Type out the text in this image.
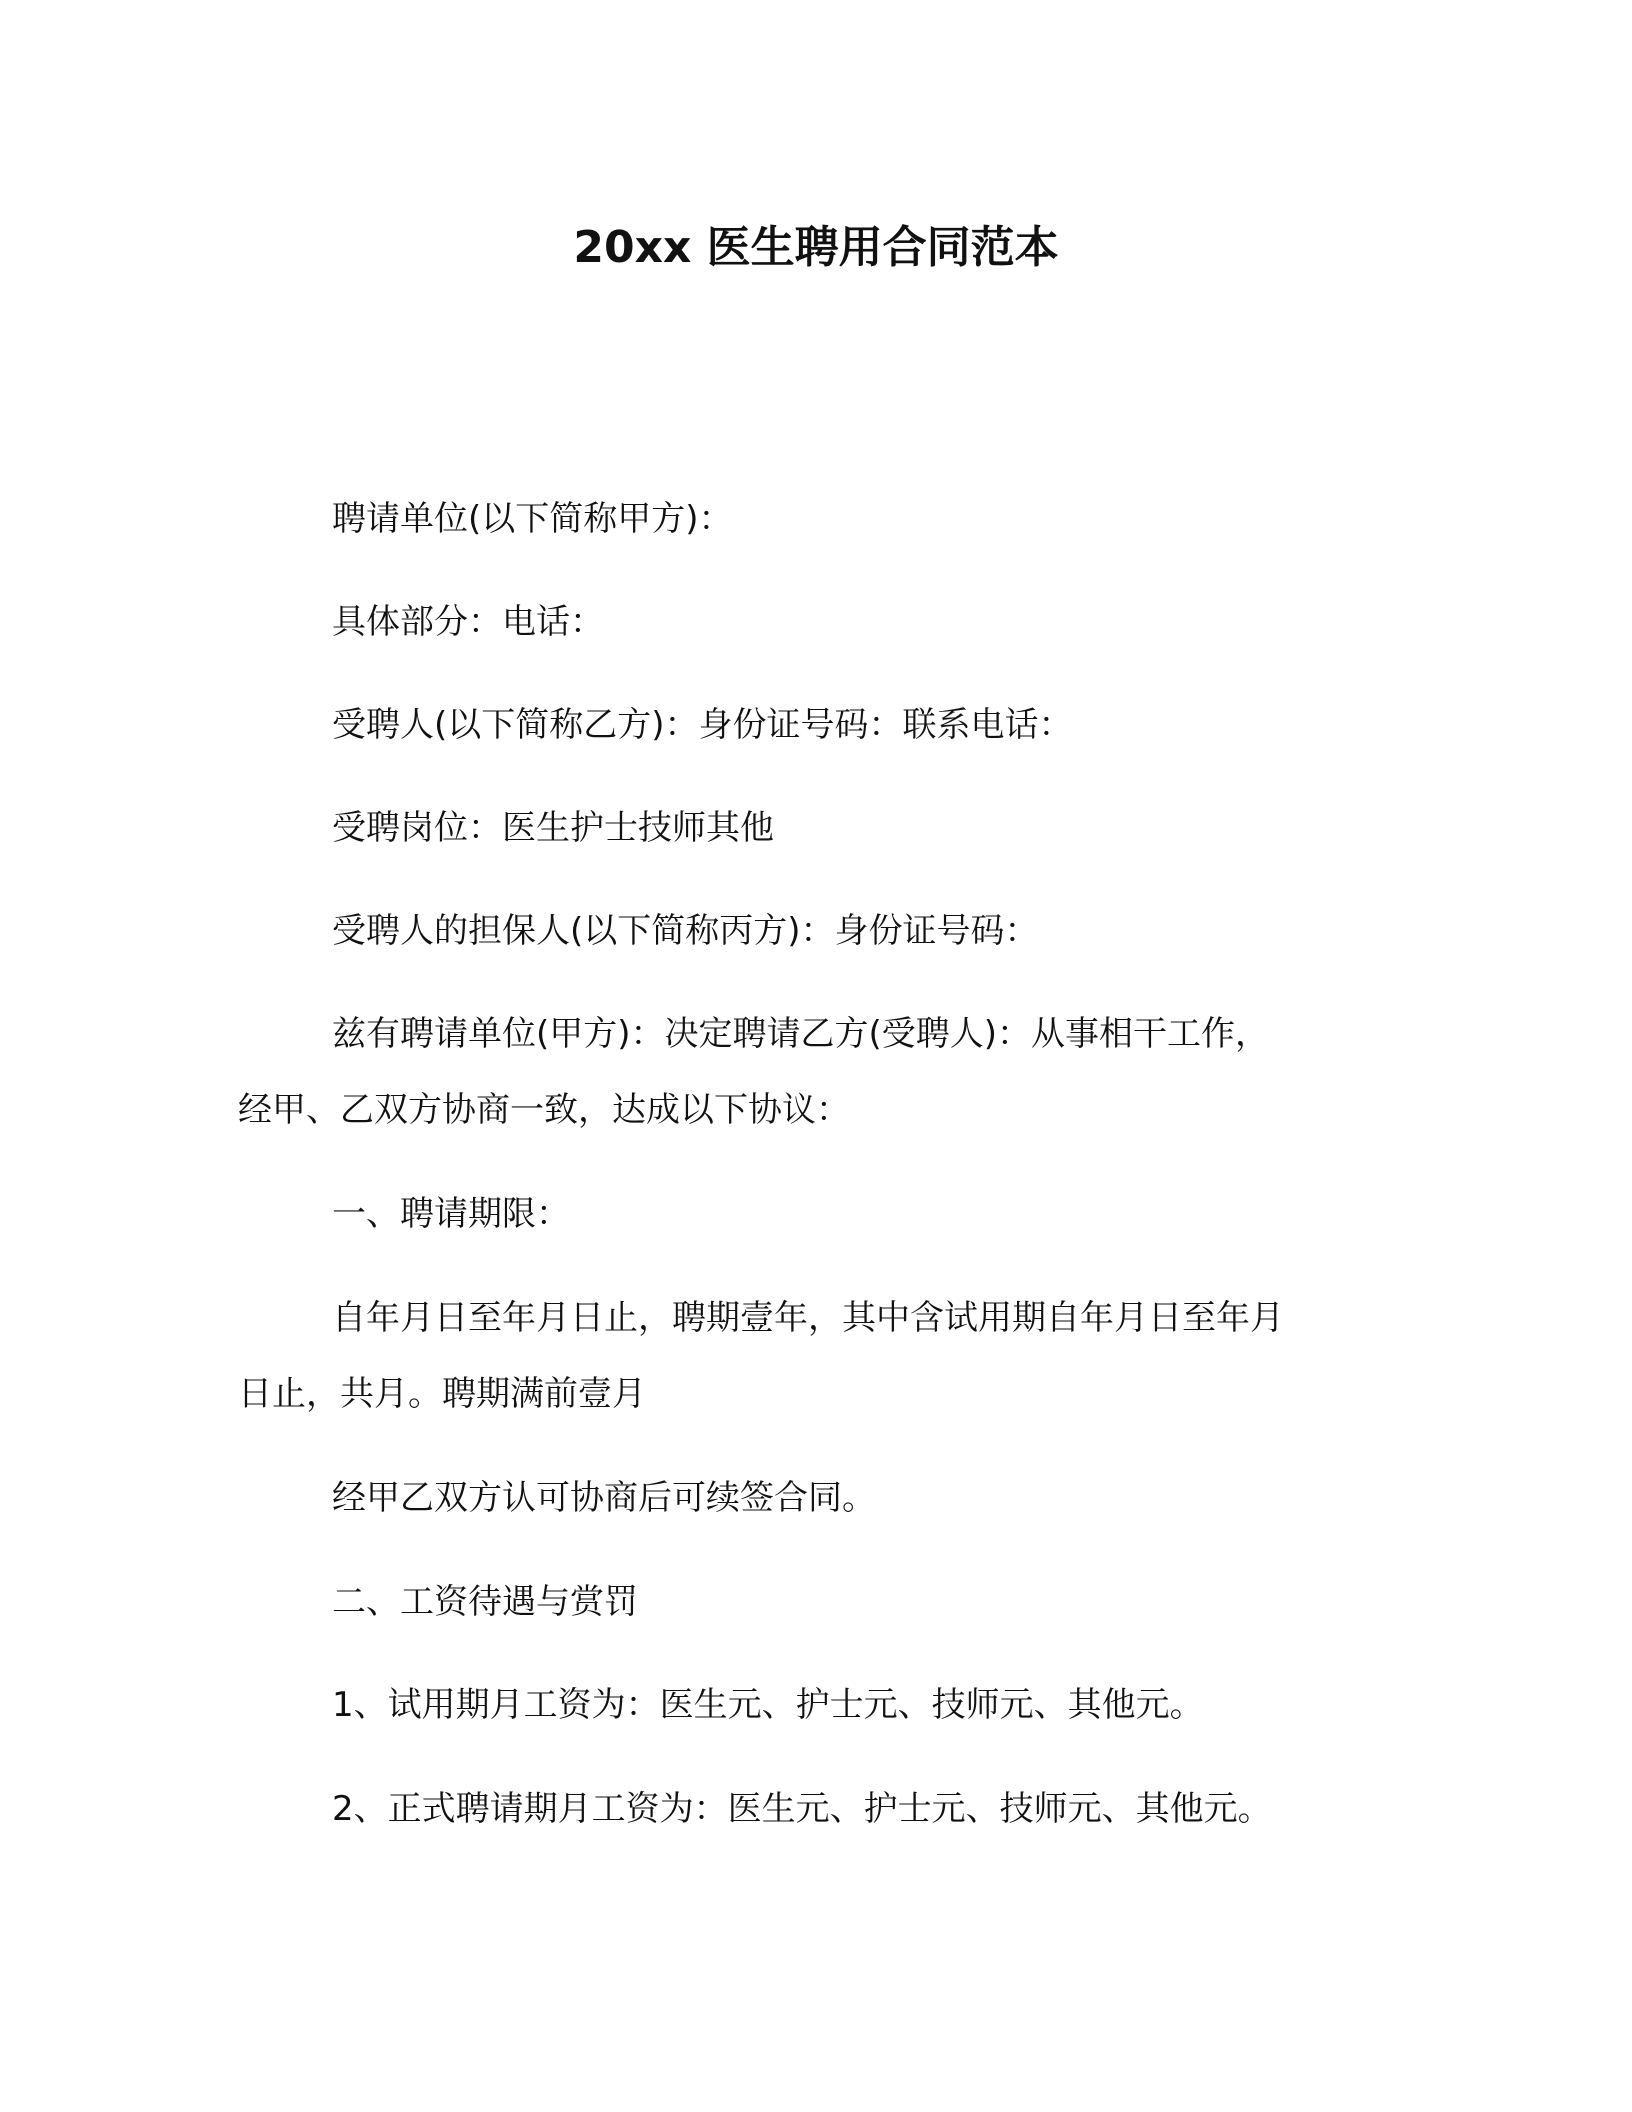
20xx 医生聘用合同范本
聘请单位(以下简称甲方)：
具体部分：电话：
受聘人(以下简称乙方)：身份证号码：联系电话：
受聘岗位：医生护士技师其他
受聘人的担保人(以下简称丙方)：身份证号码：
兹有聘请单位(甲方)：决定聘请乙方(受聘人)：从事相干工作，
经甲、乙双方协商一致，达成以下协议：
一、聘请期限：
自年月日至年月日止，聘期壹年，其中含试用期自年月日至年月
日止，共月。聘期满前壹月
经甲乙双方认可协商后可续签合同。
二、工资待遇与赏罚
1、试用期月工资为：医生元、护士元、技师元、其他元。
2、正式聘请期月工资为：医生元、护士元、技师元、其他元。
